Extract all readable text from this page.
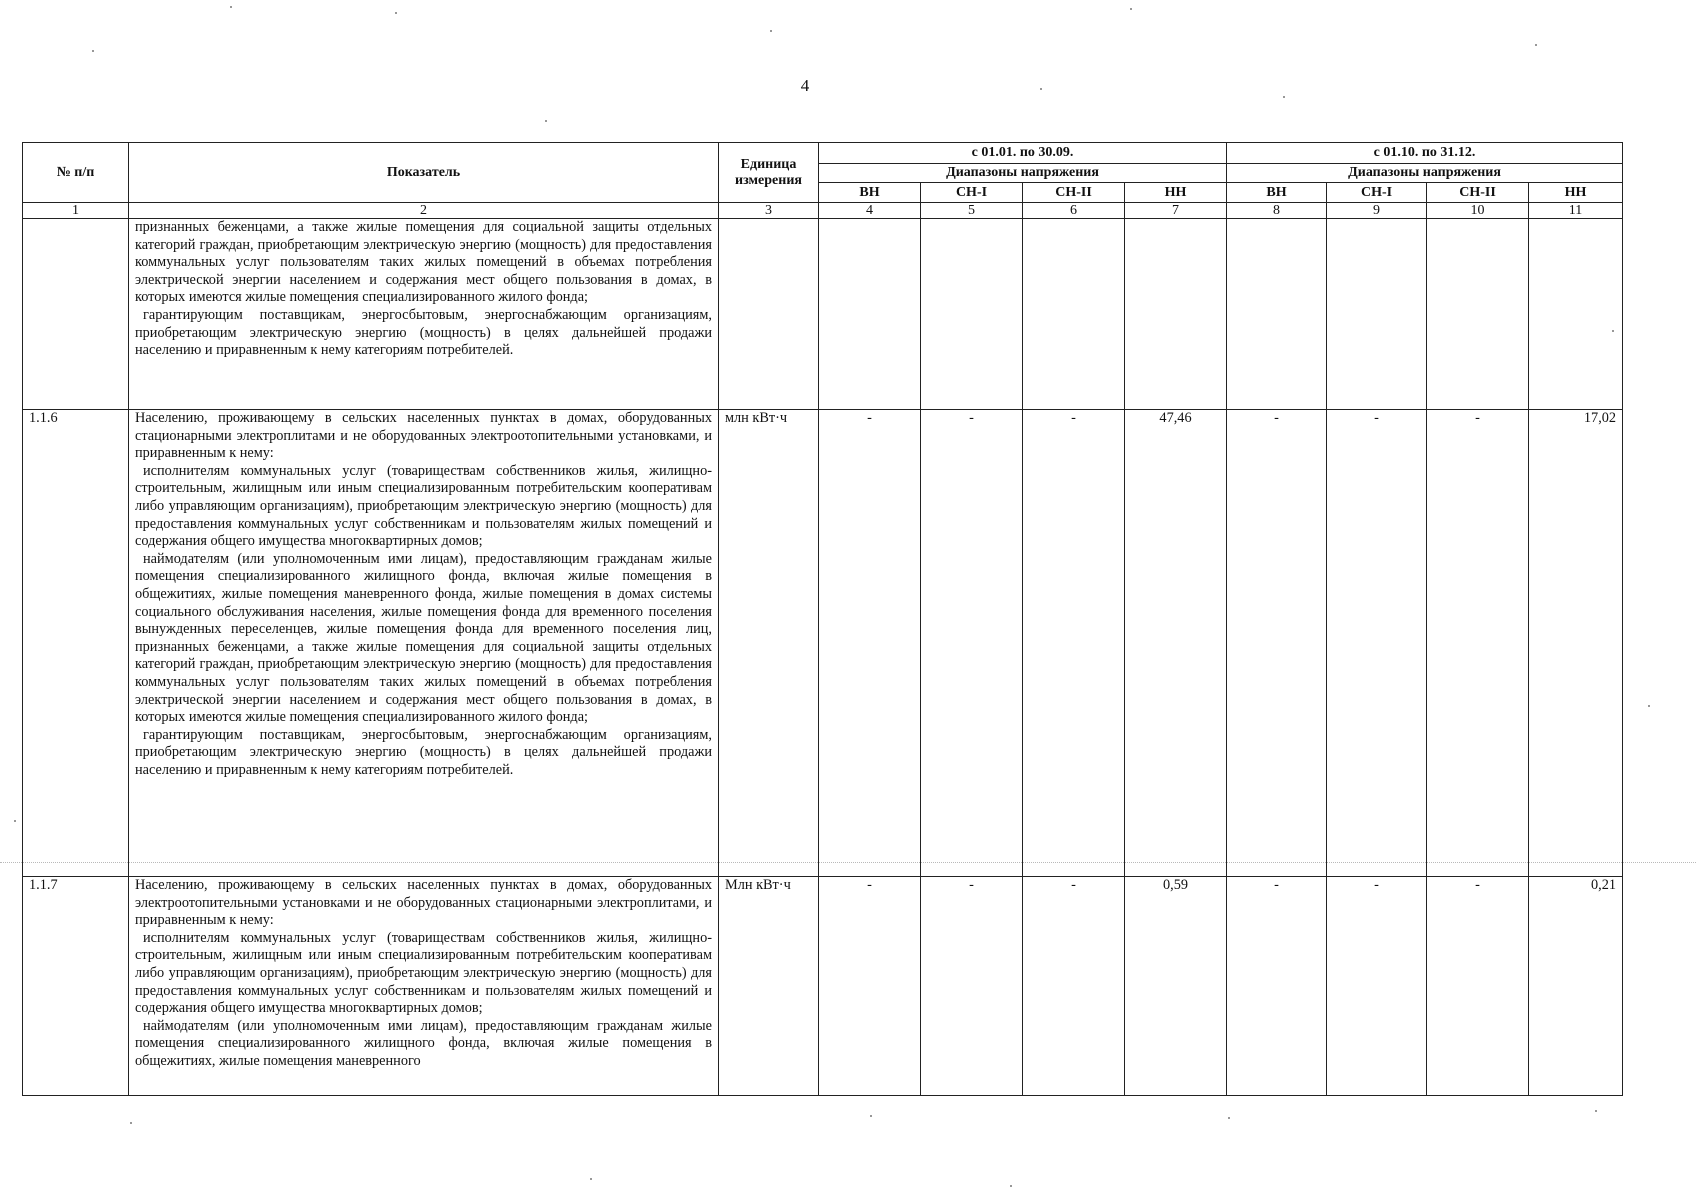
4
№ п/п	Показатель	Единица измерения	с 01.01. по 30.09.				с 01.10. по 31.12.			
			Диапазоны напряжения				Диапазоны напряжения			
			ВН	СН-I	СН-II	НН	ВН	СН-I	СН-II	НН
1	2	3	4	5	6	7	8	9	10	11

	признанных беженцами, а также жилые помещения для социальной защиты отдельных категорий граждан, приобретающим электрическую энергию (мощность) для предоставления коммунальных услуг пользователям таких жилых помещений в объемах потребления электрической энергии населением и содержания мест общего пользования в домах, в которых имеются жилые помещения специализированного жилого фонда;

гарантирующим поставщикам, энергосбытовым, энергоснабжающим организациям, приобретающим электрическую энергию (мощность) в целях дальнейшей продажи населению и приравненным к нему категориям потребителей.									

1.1.6	Населению, проживающему в сельских населенных пунктах в домах, оборудованных стационарными электроплитами и не оборудованных электроотопительными установками, и приравненным к нему:

исполнителям коммунальных услуг (товариществам собственников жилья, жилищно-строительным, жилищным или иным специализированным потребительским кооперативам либо управляющим организациям), приобретающим электрическую энергию (мощность) для предоставления коммунальных услуг собственникам и пользователям жилых помещений и содержания общего имущества многоквартирных домов;

наймодателям (или уполномоченным ими лицам), предоставляющим гражданам жилые помещения специализированного жилищного фонда, включая жилые помещения в общежитиях, жилые помещения маневренного фонда, жилые помещения в домах системы социального обслуживания населения, жилые помещения фонда для временного поселения вынужденных переселенцев, жилые помещения фонда для временного поселения лиц, признанных беженцами, а также жилые помещения для социальной защиты отдельных категорий граждан, приобретающим электрическую энергию (мощность) для предоставления коммунальных услуг пользователям таких жилых помещений в объемах потребления электрической энергии населением и содержания мест общего пользования в домах, в которых имеются жилые помещения специализированного жилого фонда;

гарантирующим поставщикам, энергосбытовым, энергоснабжающим организациям, приобретающим электрическую энергию (мощность) в целях дальнейшей продажи населению и приравненным к нему категориям потребителей.	млн кВт·ч	-	-	-	47,46	-	-	-	17,02
1.1.7	Населению, проживающему в сельских населенных пунктах в домах, оборудованных электроотопительными установками и не оборудованных стационарными электроплитами, и приравненным к нему:

исполнителям коммунальных услуг (товариществам собственников жилья, жилищно-строительным, жилищным или иным специализированным потребительским кооперативам либо управляющим организациям), приобретающим электрическую энергию (мощность) для предоставления коммунальных услуг собственникам и пользователям жилых помещений и содержания общего имущества многоквартирных домов;

наймодателям (или уполномоченным ими лицам), предоставляющим гражданам жилые помещения специализированного жилищного фонда, включая жилые помещения в общежитиях, жилые помещения маневренного	Млн кВт·ч	-	-	-	0,59	-	-	-	0,21
